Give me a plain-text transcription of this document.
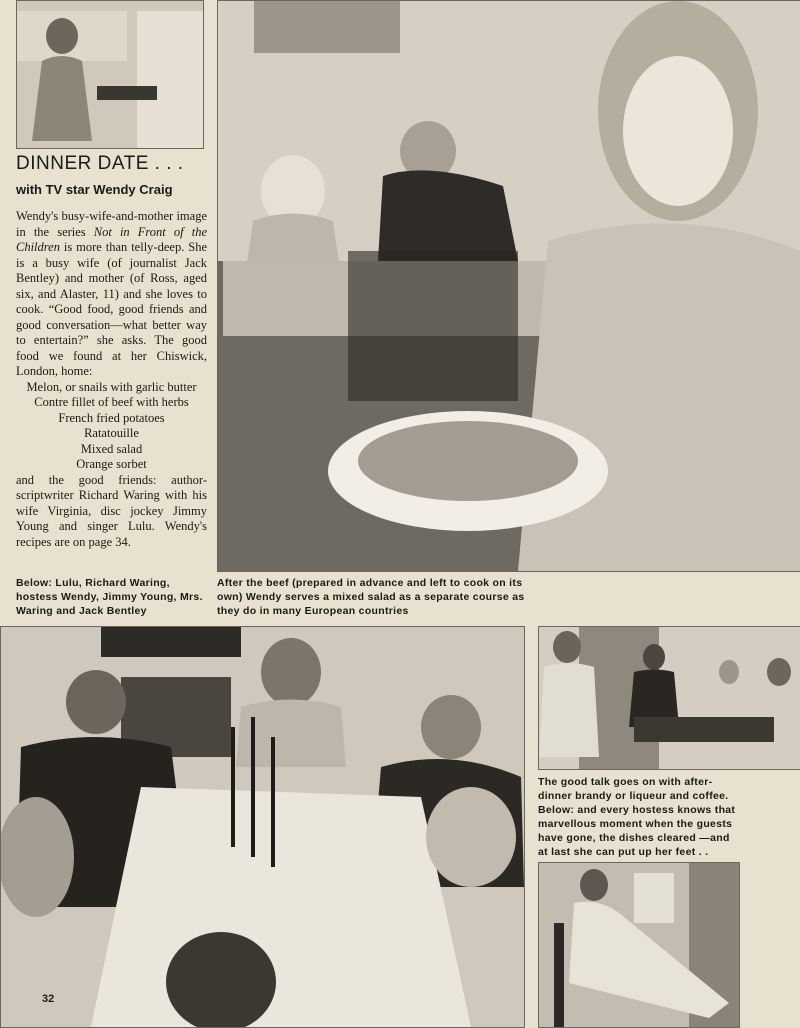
DINNER DATE . . .
with TV star Wendy Craig

Wendy's busy-wife-and-mother image in the series Not in Front of the Children is more than telly-deep. She is a busy wife (of journalist Jack Bentley) and mother (of Ross, aged six, and Alaster, 11) and she loves to cook. “Good food, good friends and good conversation—what better way to entertain?” she asks. The good food we found at her Chiswick, London, home:

Melon, or snails with garlic butter
Contre fillet of beef with herbs
French fried potatoes
Ratatouille
Mixed salad
Orange sorbet

and the good friends: author-scriptwriter Richard Waring with his wife Virginia, disc jockey Jimmy Young and singer Lulu. Wendy's recipes are on page 34.

Below: Lulu, Richard Waring, hostess Wendy, Jimmy Young, Mrs. Waring and Jack Bentley
After the beef (prepared in advance and left to cook on its own) Wendy serves a mixed salad as a separate course as they do in many European countries
The good talk goes on with after-dinner brandy or liqueur and coffee. Below: and every hostess knows that marvellous moment when the guests have gone, the dishes cleared —and at last she can put up her feet . .
32
